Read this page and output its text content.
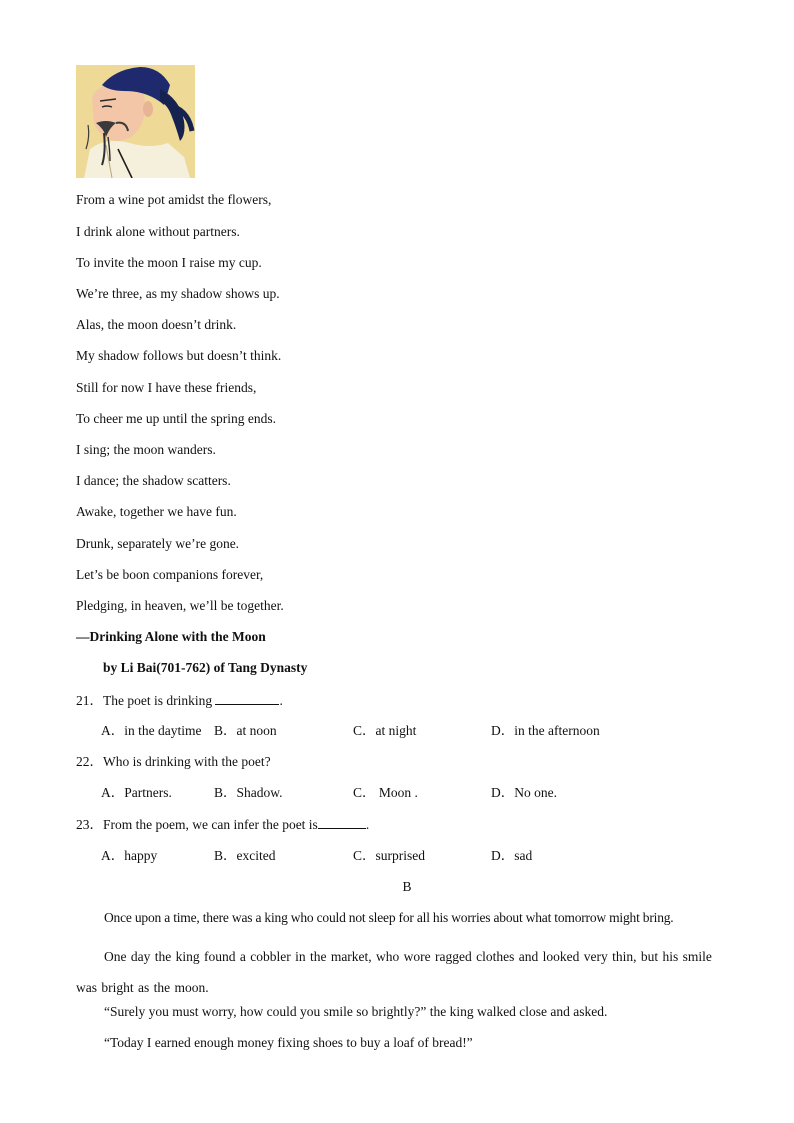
From a wine pot amidst the flowers,
I drink alone without partners.
To invite the moon I raise my cup.
We’re three, as my shadow shows up.
Alas, the moon doesn’t drink.
My shadow follows but doesn’t think.
Still for now I have these friends,
To cheer me up until the spring ends.
I sing; the moon wanders.
I dance; the shadow scatters.
Awake, together we have fun.
Drunk, separately we’re gone.
Let’s be boon companions forever,
Pledging, in heaven, we’ll be together.
—Drinking Alone with the Moon
by Li Bai(701-762) of Tang Dynasty
21．The poet is drinking	.
A．in the daytime B．at noon	C．at night	D．in the afternoon
22．Who is drinking with the poet?
A．Partners.	B．Shadow.	C． Moon .	D．No one.
23．From the poem, we can infer the poet is	.
A．happy	B．excited	C．surprised	D．sad
B
Once upon a time, there was a king who could not sleep for all his worries about what tomorrow might bring.
One day the king found a cobbler in the market, who wore ragged clothes and looked very thin, but his smile was bright as the moon.
“Surely you must worry, how could you smile so brightly?” the king walked close and asked.
“Today I earned enough money fixing shoes to buy a loaf of bread!”
